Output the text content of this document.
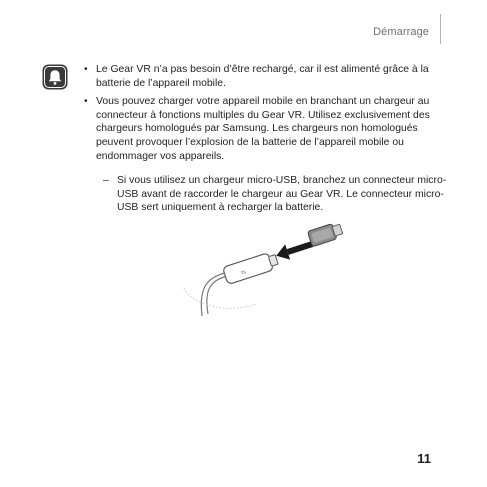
Démarrage
• Le Gear VR n’a pas besoin d’être rechargé, car il est alimenté grâce à la batterie de l’appareil mobile.
• Vous pouvez charger votre appareil mobile en branchant un chargeur au connecteur à fonctions multiples du Gear VR. Utilisez exclusivement des chargeurs homologués par Samsung. Les chargeurs non homologués peuvent provoquer l’explosion de la batterie de l’appareil mobile ou endommager vos appareils.
– Si vous utilisez un chargeur micro-USB, branchez un connecteur micro-USB avant de raccorder le chargeur au Gear VR. Le connecteur micro-USB sert uniquement à recharger la batterie.
⇆
11
